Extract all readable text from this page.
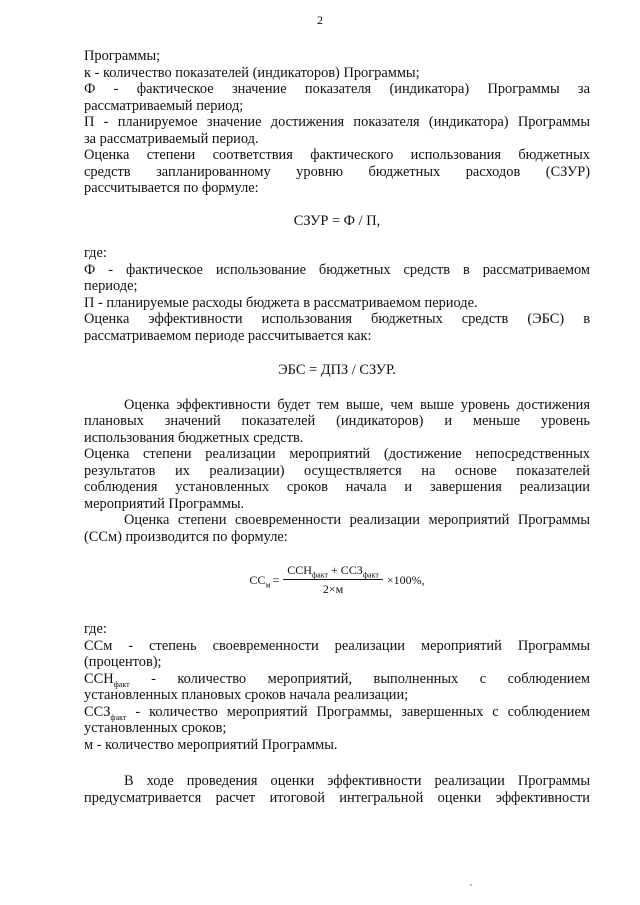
2

Программы;

к - количество показателей (индикаторов) Программы;

Ф - фактическое значение показателя (индикатора) Программы за

рассматриваемый период;

П - планируемое значение достижения показателя (индикатора) Программы

за рассматриваемый период.

Оценка степени соответствия фактического использования бюджетных

средств запланированному уровню бюджетных расходов (СЗУР)

рассчитывается по формуле:

СЗУР = Ф / П,

где:

Ф - фактическое использование бюджетных средств в рассматриваемом

периоде;

П - планируемые расходы бюджета в рассматриваемом периоде.

Оценка эффективности использования бюджетных средств (ЭБС) в

рассматриваемом периоде рассчитывается как:

ЭБС = ДПЗ / СЗУР.

Оценка эффективности будет тем выше, чем выше уровень достижения

плановых значений показателей (индикаторов) и меньше уровень

использования бюджетных средств.

Оценка степени реализации мероприятий (достижение непосредственных

результатов их реализации) осуществляется на основе показателей

соблюдения установленных сроков начала и завершения реализации

мероприятий Программы.

Оценка степени своевременности реализации мероприятий Программы

(ССм) производится по формуле:

$СС_м = \frac{ССН_{факт} + ССЗ_{факт}}{2\times м} \times 100\%$,

где:

ССм - степень своевременности реализации мероприятий Программы

(процентов);

$ССН_{факт}$ - количество мероприятий, выполненных с соблюдением

установленных плановых сроков начала реализации;

$ССЗ_{факт}$ - количество мероприятий Программы, завершенных с соблюдением

установленных сроков;

м - количество мероприятий Программы.

В ходе проведения оценки эффективности реализации Программы

предусматривается расчет итоговой интегральной оценки эффективности
